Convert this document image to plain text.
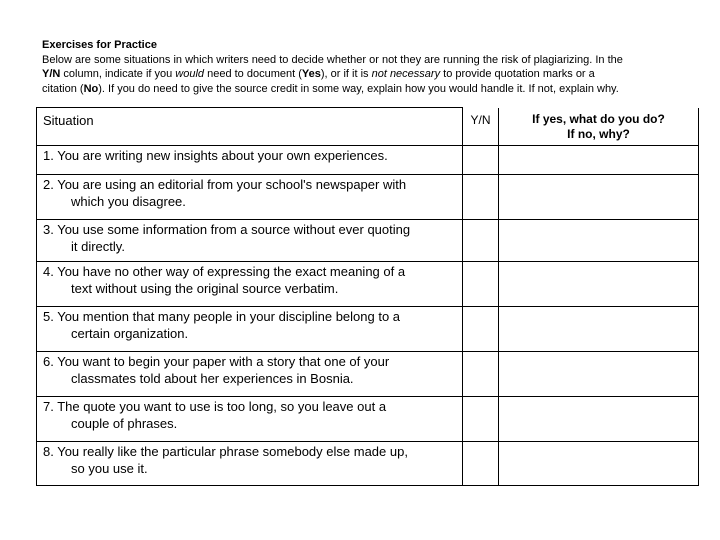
Exercises for Practice
Below are some situations in which writers need to decide whether or not they are running the risk of plagiarizing. In the
Y/N column, indicate if you would need to document (Yes), or if it is not necessary to provide quotation marks or a
citation (No). If you do need to give the source credit in some way, explain how you would handle it. If not, explain why.
Situation	Y/N	If yes, what do you do?
If no, why?

1. You are writing new insights about your own experiences.		

2. You are using an editorial from your school's newspaper with
which you disagree.		

3. You use some information from a source without ever quoting
it directly.		

4. You have no other way of expressing the exact meaning of a
text without using the original source verbatim.		

5. You mention that many people in your discipline belong to a
certain organization.		

6. You want to begin your paper with a story that one of your
classmates told about her experiences in Bosnia.		

7. The quote you want to use is too long, so you leave out a
couple of phrases.		

8. You really like the particular phrase somebody else made up,
so you use it.		
